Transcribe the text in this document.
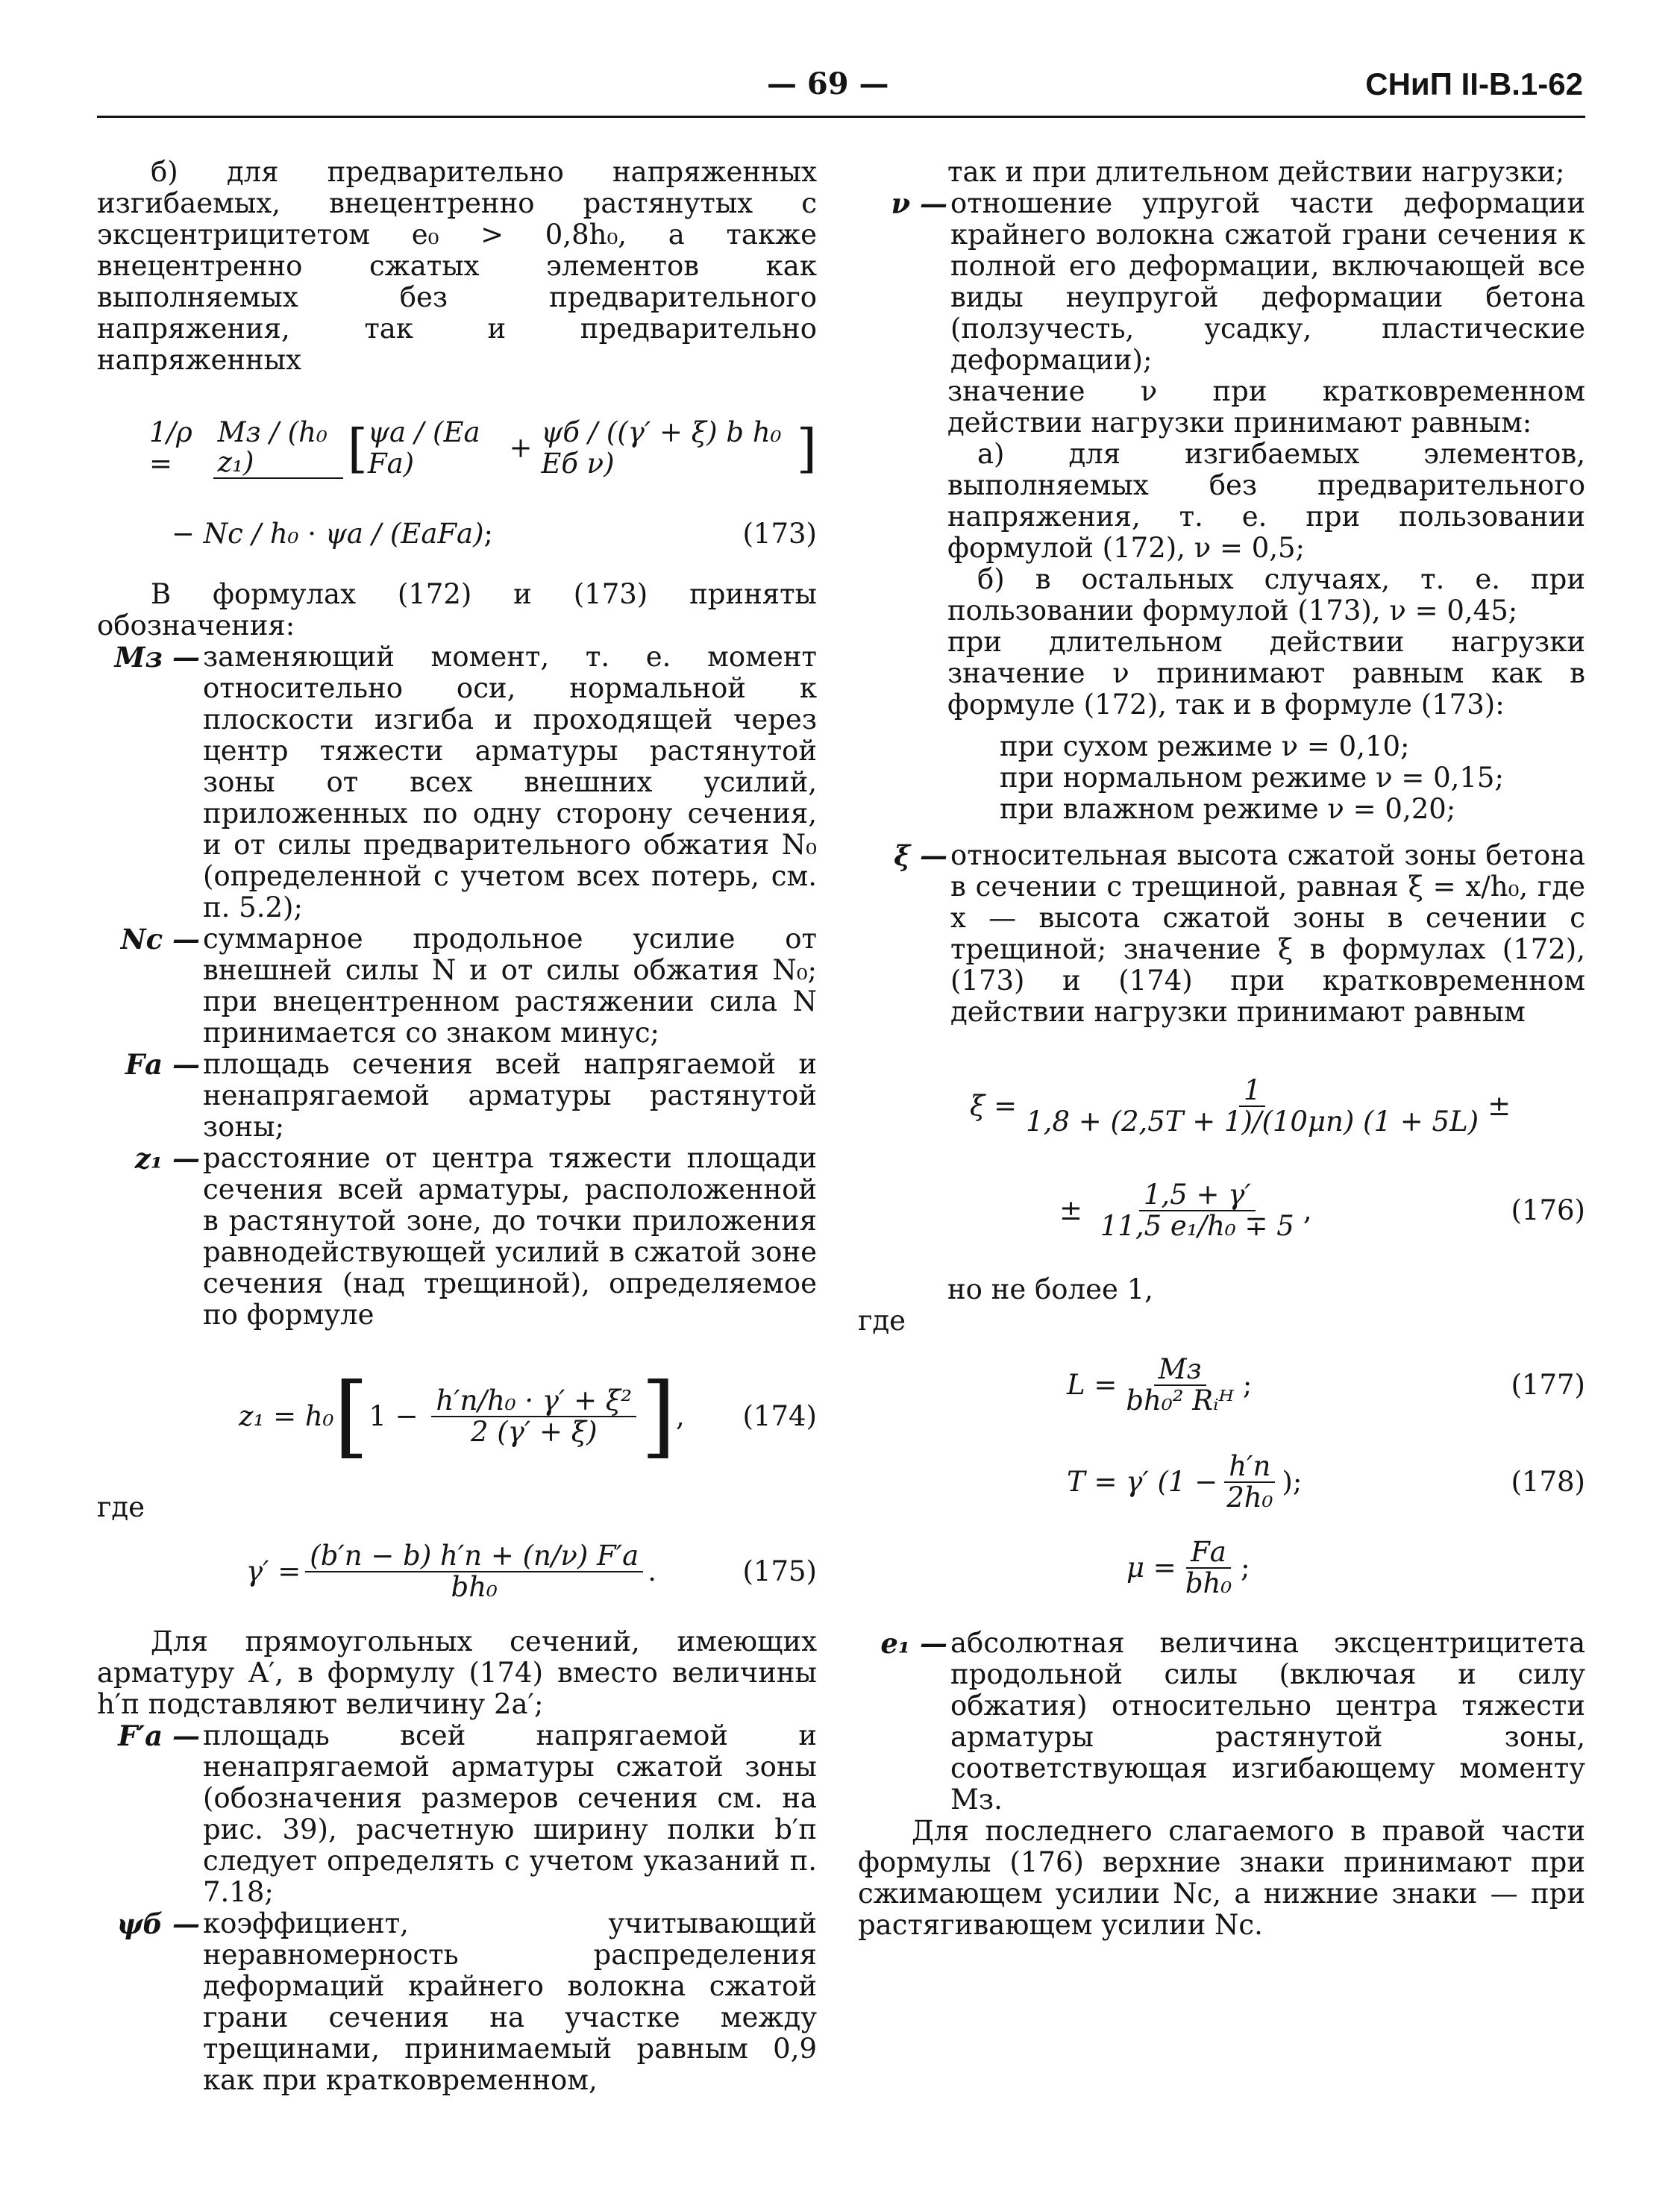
— 69 —	СНиП II-В.1-62

б) для предварительно напряженных изгибаемых, внецентренно растянутых с эксцентрицитетом e₀ > 0,8h₀, а также внецентренно сжатых элементов как выполняемых без предварительного напряжения, так и предварительно напряженных

1/ρ =
Mз / (h₀ z₁)	[ ψа / (Eа Fа)	+ ψб / ((γ′ + ξ) b h₀ Eб ν)	]
− Nс / h₀ · ψа / (EаFа) ;	(173)

В формулах (172) и (173) приняты обозначения:

Mз — заменяющий момент, т. е. момент относительно оси, нормальной к плоскости изгиба и проходящей через центр тяжести арматуры растянутой зоны от всех внешних усилий, приложенных по одну сторону сечения, и от силы предварительного обжатия N₀ (определенной с учетом всех потерь, см. п. 5.2);
Nс — суммарное продольное усилие от внешней силы N и от силы обжатия N₀; при внецентренном растяжении сила N принимается со знаком минус;
Fа — площадь сечения всей напрягаемой и ненапрягаемой арматуры растянутой зоны;
z₁ — расстояние от центра тяжести площади сечения всей арматуры, расположенной в растянутой зоне, до точки приложения равнодействующей усилий в сжатой зоне сечения (над трещиной), определяемое по формуле
z₁ = h₀ [ $1 - \frac{\text{h′п/h₀ · γ′ + ξ²}}{2 (\gamma' + \xi)}$ ] , (174)

где

$\gamma' = \frac{(b'п - b) h'п + (n/\nu) F'а}{\text{bh₀}}$ .	(175)

Для прямоугольных сечений, имеющих арматуру A′, в формулу (174) вместо величины h′п подставляют величину 2a′;

F′а — площадь всей напрягаемой и ненапрягаемой арматуры сжатой зоны (обозначения размеров сечения см. на рис. 39), расчетную ширину полки b′п следует определять с учетом указаний п. 7.18;
ψб — коэффициент, учитывающий неравномерность распределения деформаций крайнего волокна сжатой грани сечения на участке между трещинами, принимаемый равным 0,9 как при кратковременном,

так и при длительном действии нагрузки;

ν — отношение упругой части деформации крайнего волокна сжатой грани сечения к полной его деформации, включающей все виды неупругой деформации бетона (ползучесть, усадку, пластические деформации);

значение ν при кратковременном действии нагрузки принимают равным:

а) для изгибаемых элементов, выполняемых без предварительного напряжения, т. е. при пользовании формулой (172), ν = 0,5;

б) в остальных случаях, т. е. при пользовании формулой (173), ν = 0,45;

при длительном действии нагрузки значение ν принимают равным как в формуле (172), так и в формуле (173):

при сухом режиме ν = 0,10;
при нормальном режиме ν = 0,15;
при влажном режиме ν = 0,20;
ξ — относительная высота сжатой зоны бетона в сечении с трещиной, равная ξ = x/h₀, где x — высота сжатой зоны в сечении с трещиной; значение ξ в формулах (172), (173) и (174) при кратковременном действии нагрузки принимают равным
$\xi = \frac{1}{1,8 + (2,5T + 1)/(10\mu n) (1 + 5L)}$ ±
± $\frac{1,5 + \gamma'}{\text{11,5 e₁/h₀ ∓ 5}}$ ,	(176)

но не более 1,

где

$L = \frac{Mз}{\text{bh₀² Rᵢᴴ}}$ ;	(177)
T = γ′ ($1 - \frac{h'п}{\text{2h₀}}$ );	(178)
$\mu = \frac{Fа}{\text{bh₀}}$ ;
e₁ — абсолютная величина эксцентрицитета продольной силы (включая и силу обжатия) относительно центра тяжести арматуры растянутой зоны, соответствующая изгибающему моменту Mз.

Для последнего слагаемого в правой части формулы (176) верхние знаки принимают при сжимающем усилии Nс, а нижние знаки — при растягивающем усилии Nс.
